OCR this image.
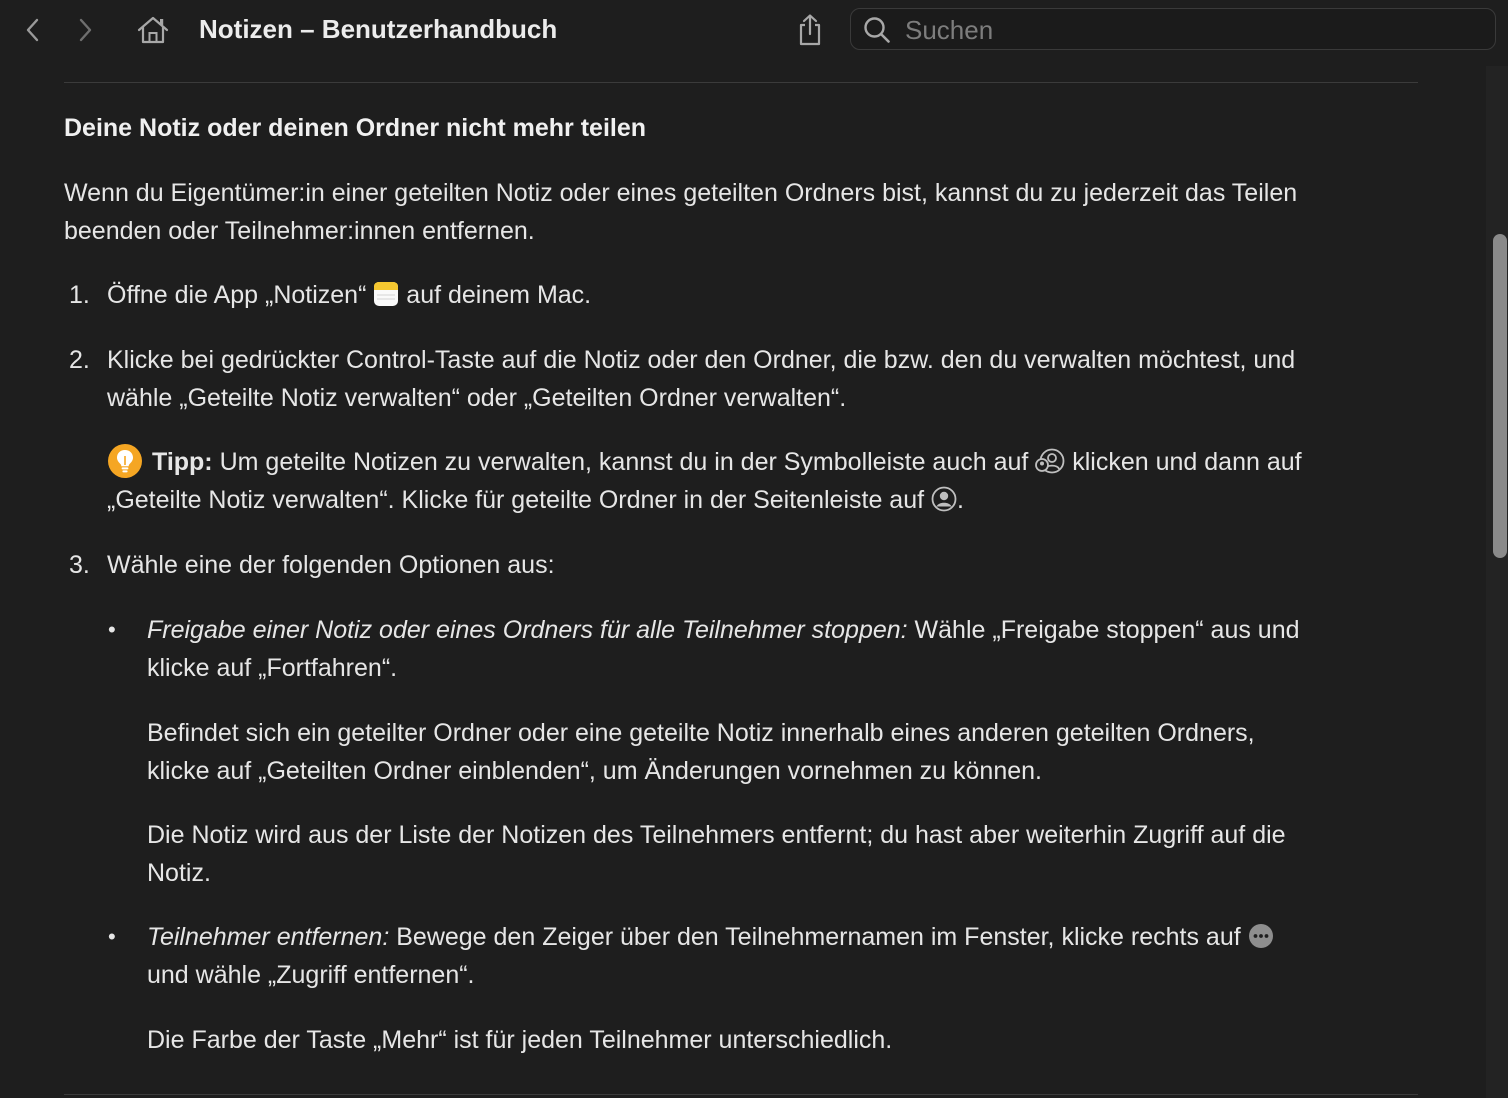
Notizen – Benutzerhandbuch
Suchen
Deine Notiz oder deinen Ordner nicht mehr teilen
Wenn du Eigentümer:in einer geteilten Notiz oder eines geteilten Ordners bist, kannst du zu jederzeit das Teilen
beenden oder Teilnehmer:innen entfernen.
1. Öffne die App „Notizen“  auf deinem Mac.
2. Klicke bei gedrückter Control-Taste auf die Notiz oder den Ordner, die bzw. den du verwalten möchtest, und
wähle „Geteilte Notiz verwalten“ oder „Geteilten Ordner verwalten“.
Tipp: Um geteilte Notizen zu verwalten, kannst du in der Symbolleiste auch auf  klicken und dann auf
„Geteilte Notiz verwalten“. Klicke für geteilte Ordner in der Seitenleiste auf .
3. Wähle eine der folgenden Optionen aus:
• Freigabe einer Notiz oder eines Ordners für alle Teilnehmer stoppen: Wähle „Freigabe stoppen“ aus und
klicke auf „Fortfahren“.
Befindet sich ein geteilter Ordner oder eine geteilte Notiz innerhalb eines anderen geteilten Ordners,
klicke auf „Geteilten Ordner einblenden“, um Änderungen vornehmen zu können.
Die Notiz wird aus der Liste der Notizen des Teilnehmers entfernt; du hast aber weiterhin Zugriff auf die
Notiz.
• Teilnehmer entfernen: Bewege den Zeiger über den Teilnehmernamen im Fenster, klicke rechts auf
und wähle „Zugriff entfernen“.
Die Farbe der Taste „Mehr“ ist für jeden Teilnehmer unterschiedlich.
